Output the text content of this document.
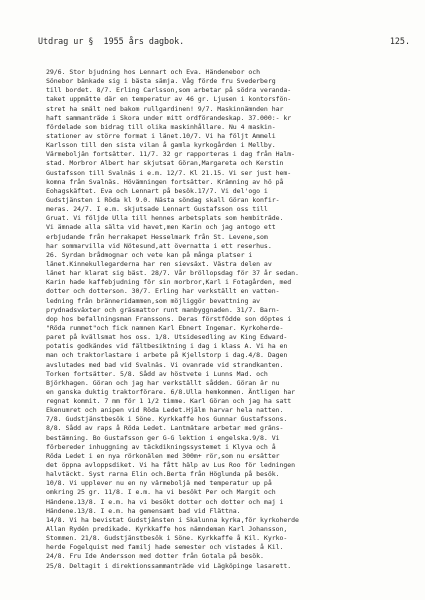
Utdrag ur §  1955 års dagbok.	125.
29/6. Stor bjudning hos Lennart och Eva. Händenebor och
Sönebor bänkade sig i bästa sämja. Våg förde fru Svederberg
till bordet. 8/7. Erling Carlsson,som arbetar på södra veranda-
taket uppmätte där en temperatur av 46 gr. Ljusen i kontorsfön-
stret ha smält ned bakom rullgardinen! 9/7. Maskinnämnden har
haft sammanträde i Skora under mitt ordförandeskap. 37.000:- kr
fördelade som bidrag till olika maskinhållare. Nu 4 maskin-
stationer av större format i länet.10/7. Vi ha följt Ammeli
Karlsson till den sista vilan å gamla kyrkogården i Mellby.
Värmeboljän fortsätter. 11/7. 32 gr rapporteras i dag från Halm-
stad. Morbror Albert har skjutsat Göran,Margareta och Kerstin
Gustafsson till Svalnäs i e.m. 12/7. Kl 21.15. Vi ser just hem-
komna från Svalnäs. Hövämningen fortsätter. Krämning av hö på
Eohagskäftet. Eva och Lennart på besök.17/7. Vi del'ogo i
Gudstjänsten i Röda kl 9.0. Nästa söndag skall Göran konfir-
meras. 24/7. I e.m. skjutsade Lennart Gustafsson oss till
Gruat. Vi följde Ulla till hennes arbetsplats som hembiträde.
Vi ämnade alla sälta vid havet,men Karin och jag antogo ett
erbjudande från herrakapet Hesselmark från St. Levene,som
har sommarvilla vid Nötesund,att övernatta i ett reserhus.
26. Syrdan brådmognar och vete kan på många platser i
länet.Kinnekullegarderna har ren sievsäxt. Västra delen av
länet har klarat sig bäst. 28/7. Vår bröllopsdag för 37 år sedan.
Karin hade kaffebjudning för sin morbror,Karl i Fotagården, med
dotter och dotterson. 30/7. Erling har verkställt en vatten-
ledning från bränneridammen,som möjliggör bevattning av
prydnadsväxter och gräsmattor runt manbyggnaden. 31/7. Barn-
dop hos befallningsman Franssons. Deras förstfödde son döptes i
"Röda rummet"och fick namnen Karl Ebnert Ingemar. Kyrkoherde-
paret på kvällsmat hos oss. 1/8. Utsidesedling av King Edward-
potatis godkändes vid fältbesiktning i dag i klass A. Vi ha en
man och traktorlastare i arbete på Kjellstorp i dag.4/8. Dagen
avslutades med bad vid Svalnäs. Vi ovanrade vid strandkanten.
Torken fortsätter. 5/8. Sådd av höstvete i Lunns Mad. och
Björkhagen. Göran och jag har verkställt sådden. Göran är nu
en ganska duktig traktorförare. 6/8.Ulla hemkommen. Äntligen har
regnat kommit. 7 mm för 1 1/2 timme. Karl Göran och jag ha satt
Ekenumret och anipen vid Röda Ledet.Hjälm harvar hela natten.
7/8. Gudstjänstbesök i Söne. Kyrkkaffe hos Gunnar Gustafssons.
8/8. Sådd av raps å Röda Ledet. Lantmätare arbetar med gräns-
bestämning. Bo Gustafsson ger G-G lektion i engelska.9/8. Vi
förbereder inhuggning av täckdikningssystemet i Klyva och å
Röda Ledet i en nya rörkonälen med 300m+ rör,som nu ersätter
det öppna avloppsdiket. Vi ha fått hälp av Lus Roo för ledningen
halvtäckt. Syst rarna Elin och.Berta från Höglunda på besök.
10/8. Vi upplever nu en ny värmeboljä med temperatur up på
omkring 25 gr. 11/8. I e.m. ha vi besökt Per och Margit och
Händene.13/8. I e.m. ha vi besökt dotter och dotter och maj i
Händene.13/8. I e.m. ha gemensamt bad vid Flättna.
14/8. Vi ha bevistat Gudstjänsten i Skalunna kyrka,för kyrkoherde
Allan Rydén predikade. Kyrkkaffe hos nämndeman Karl Johansson,
Stommen. 21/8. Gudstjänstbesök i Söne. Kyrkkaffe å Kil. Kyrko-
herde Fogelquist med familj hade semester och vistades å Kil.
24/8. Fru Ide Andersson med dotter från Gotala på besök.
25/8. Deltagit i direktionssammanträde vid Lägköpinge lasarett.
